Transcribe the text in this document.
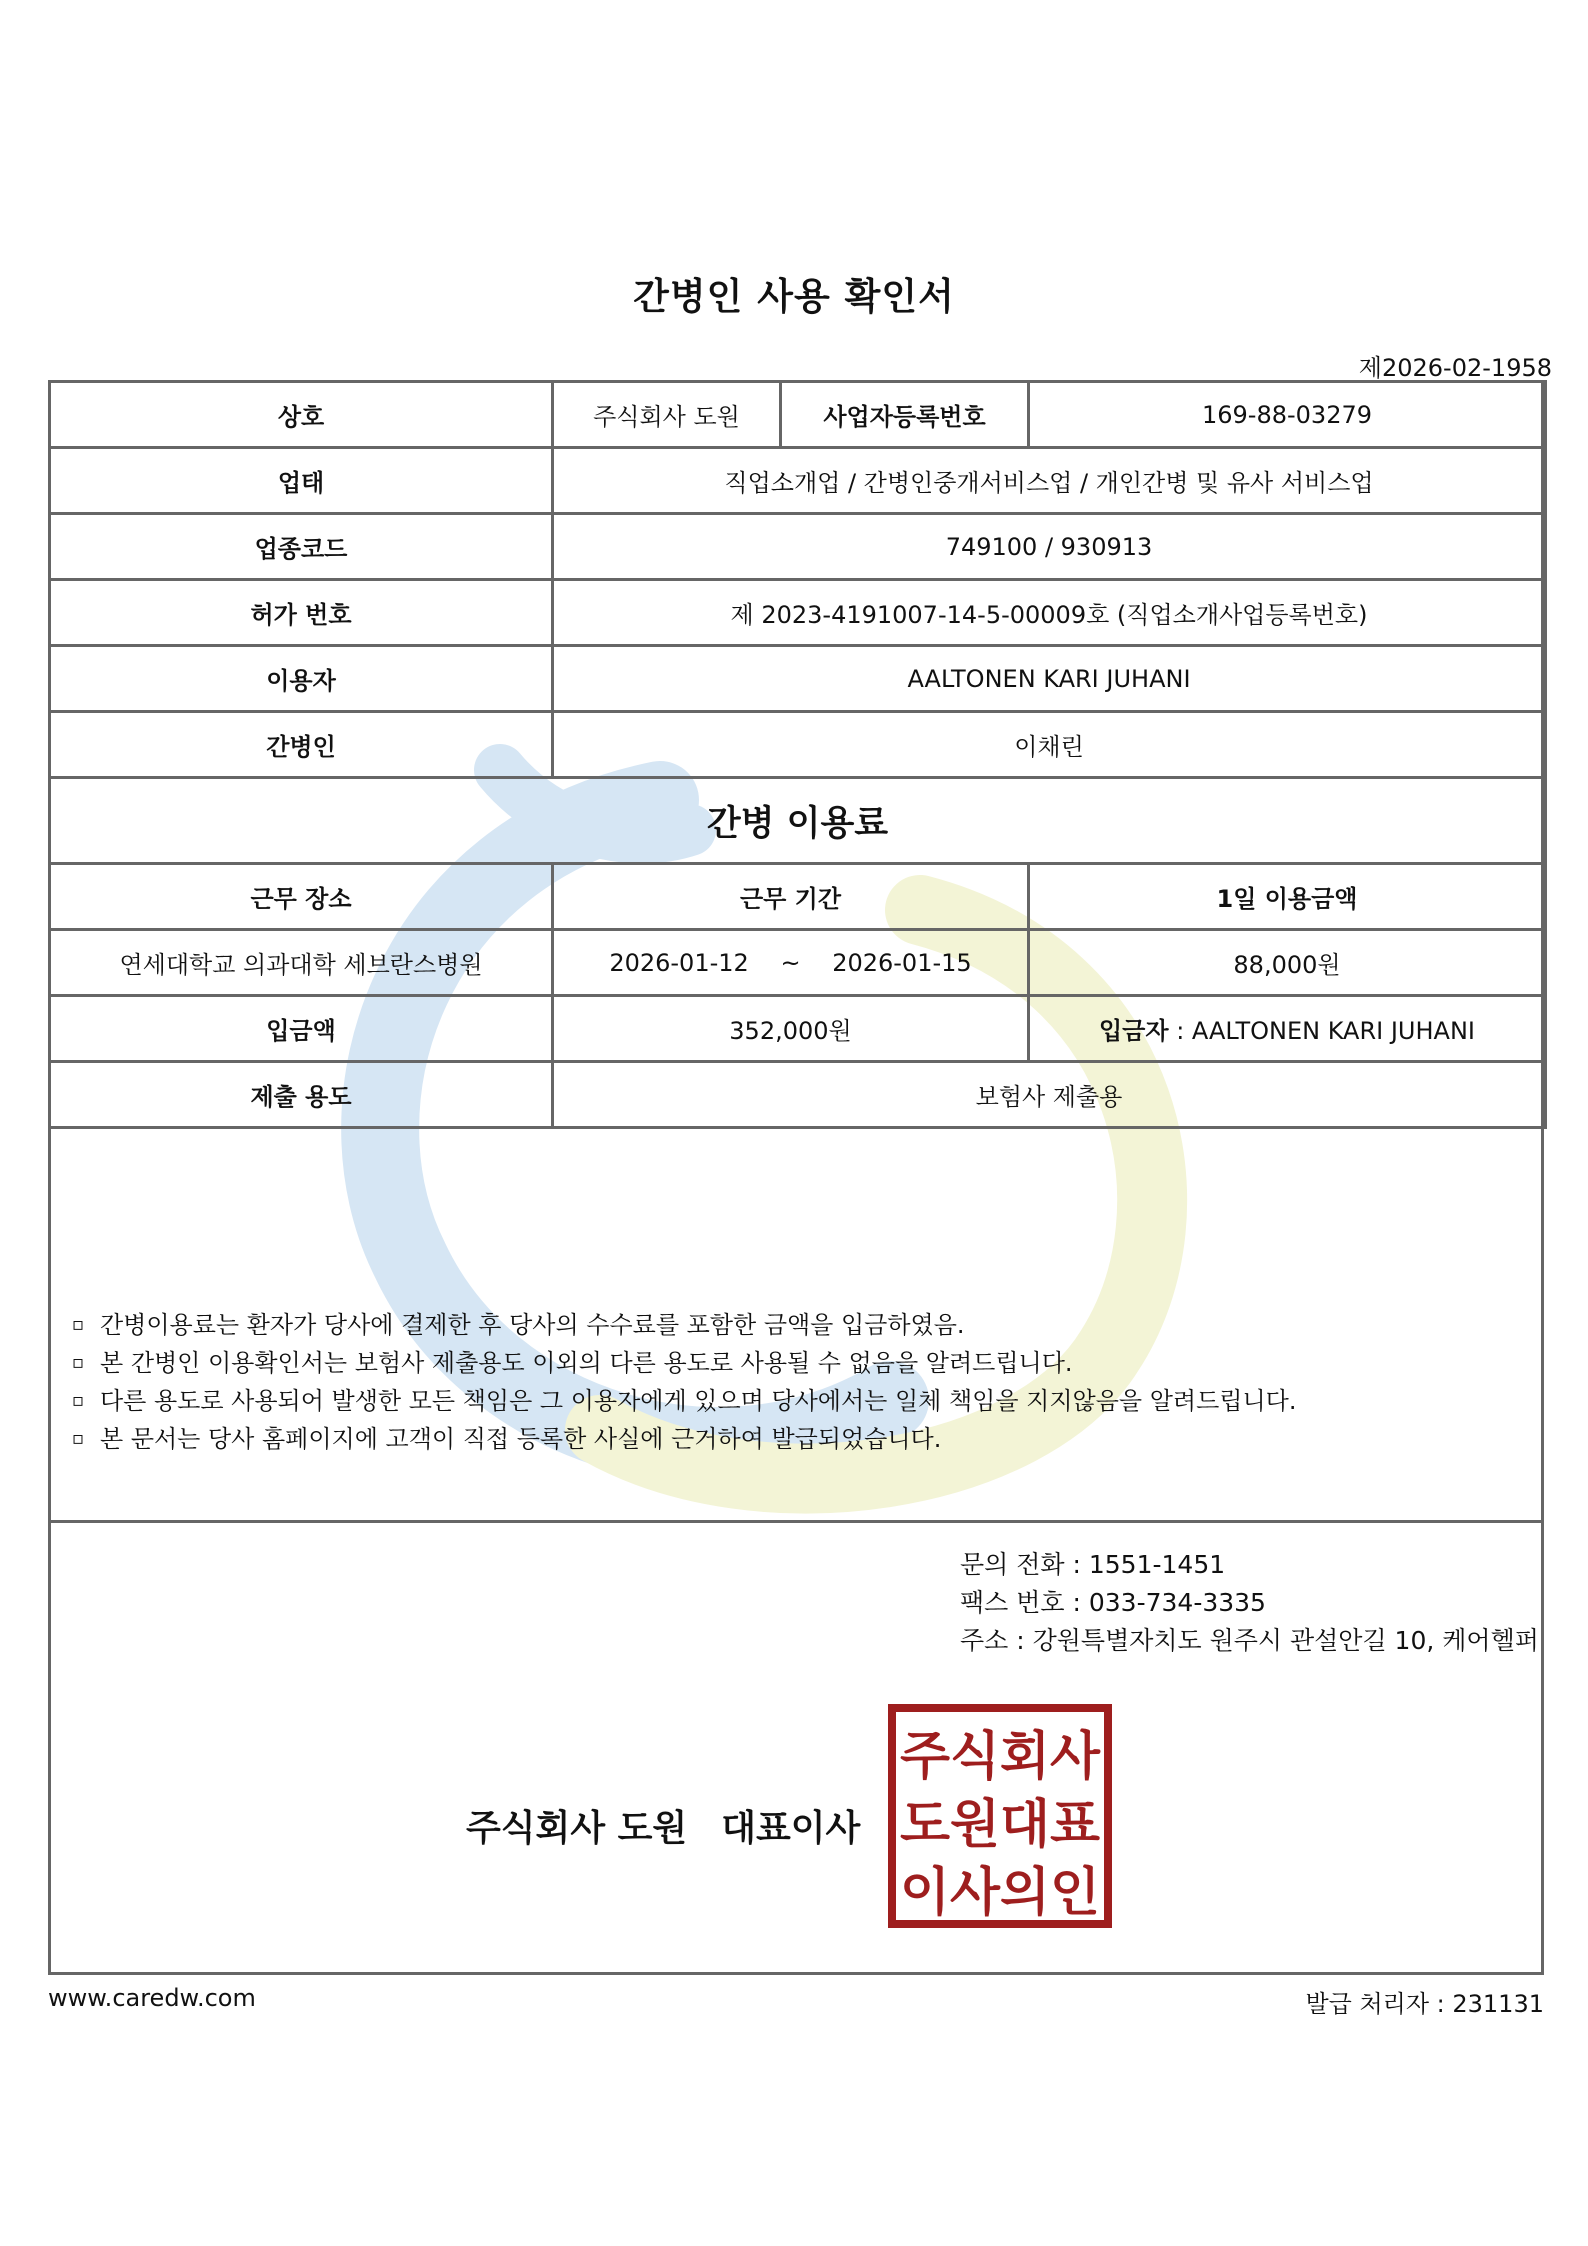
간병인 사용 확인서
제2026-02-1958
상호	주식회사 도원	사업자등록번호	169-88-03279
업태	직업소개업 / 간병인중개서비스업 / 개인간병 및 유사 서비스업		
업종코드	749100 / 930913		
허가 번호	제 2023-4191007-14-5-00009호 (직업소개사업등록번호)		
이용자	AALTONEN KARI JUHANI		
간병인	이채린		
간병 이용료			
근무 장소	근무 기간		1일 이용금액
연세대학교 의과대학 세브란스병원	2026-01-12 ~ 2026-01-15		88,000원
입금액	352,000원		입금자 : AALTONEN KARI JUHANI
제출 용도	보험사 제출용		
▫ 간병이용료는 환자가 당사에 결제한 후 당사의 수수료를 포함한 금액을 입금하였음.
▫ 본 간병인 이용확인서는 보험사 제출용도 이외의 다른 용도로 사용될 수 없음을 알려드립니다.
▫ 다른 용도로 사용되어 발생한 모든 책임은 그 이용자에게 있으며 당사에서는 일체 책임을 지지않음을 알려드립니다.
▫ 본 문서는 당사 홈페이지에 고객이 직접 등록한 사실에 근거하여 발급되었습니다.
문의 전화 : 1551-1451
팩스 번호 : 033-734-3335
주소 : 강원특별자치도 원주시 관설안길 10, 케어헬퍼
주식회사 도원 대표이사
주식회사
도원대표
이사의인
www.caredw.com	발급 처리자 : 231131
